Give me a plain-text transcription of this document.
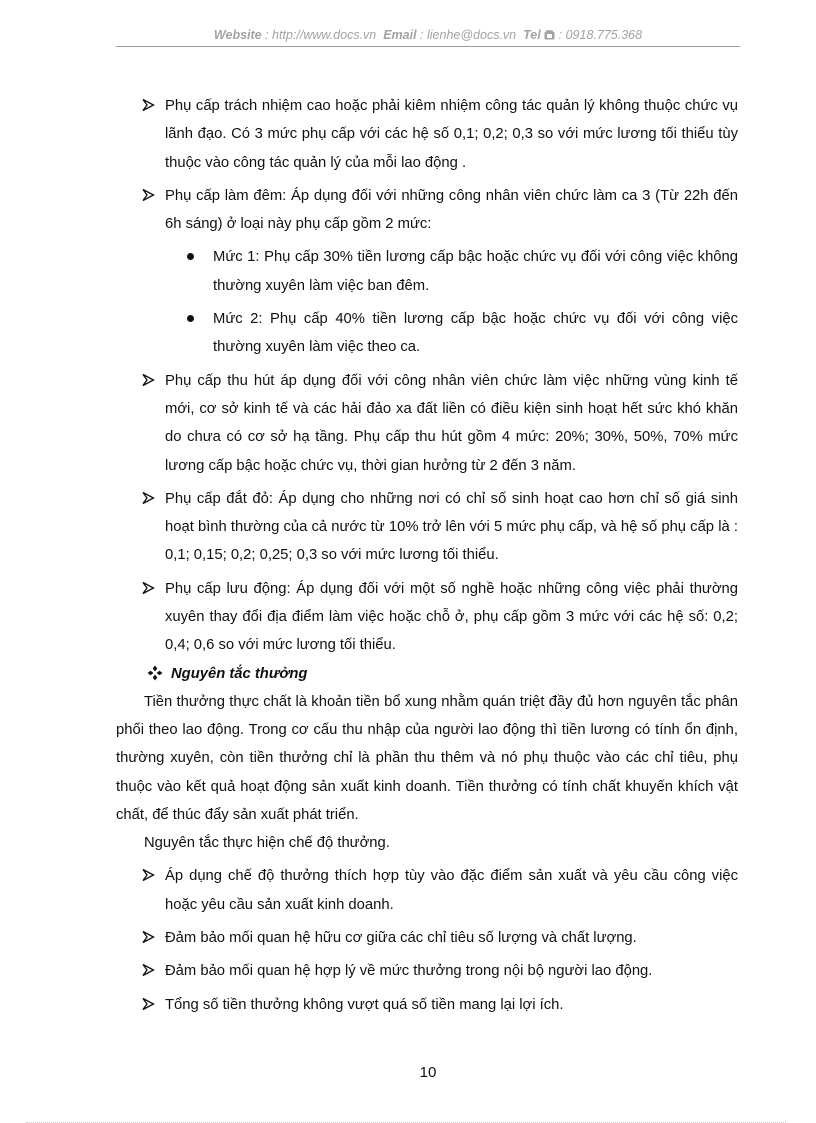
Website : http://www.docs.vn Email : lienhe@docs.vn Tel  : 0918.775.368
Phụ cấp trách nhiệm cao hoặc phải kiêm nhiệm công tác quản lý không thuộc chức vụ lãnh đạo. Có 3 mức phụ cấp với các hệ số 0,1; 0,2; 0,3 so với mức lương tối thiểu tùy thuộc vào công tác quản lý của mỗi lao động .
Phụ cấp làm đêm: Áp dụng đối với những công nhân viên chức làm ca 3 (Từ 22h đến 6h sáng) ở loại này phụ cấp gồm 2 mức:
Mức 1: Phụ cấp 30% tiền lương cấp bậc hoặc chức vụ đối với công việc không thường xuyên làm việc ban đêm.
Mức 2: Phụ cấp 40% tiền lương cấp bậc hoặc chức vụ đối với công việc thường xuyên làm việc theo ca.
Phụ cấp thu hút áp dụng đối với công nhân viên chức làm việc những vùng kinh tế mới, cơ sở kinh tế và các hải đảo xa đất liền có điều kiện sinh hoạt hết sức khó khăn do chưa có cơ sở hạ tầng. Phụ cấp thu hút gồm 4 mức: 20%; 30%, 50%, 70% mức lương cấp bậc hoặc chức vụ, thời gian hưởng từ 2 đến 3 năm.
Phụ cấp đắt đỏ: Áp dụng cho những nơi có chỉ số sinh hoạt cao hơn chỉ số giá sinh hoạt bình thường của cả nước từ 10% trở lên với 5 mức phụ cấp, và hệ số phụ cấp là : 0,1; 0,15; 0,2; 0,25; 0,3 so với mức lương tối thiểu.
Phụ cấp lưu động: Áp dụng đối với một số nghề hoặc những công việc phải thường xuyên thay đổi địa điểm làm việc hoặc chỗ ở, phụ cấp gồm 3 mức với các hệ số: 0,2; 0,4; 0,6 so với mức lương tối thiểu.
Nguyên tắc thưởng
Tiền thưởng thực chất là khoản tiền bổ xung nhằm quán triệt đầy đủ hơn nguyên tắc phân phối theo lao động. Trong cơ cấu thu nhập của người lao động thì tiền lương có tính ổn định, thường xuyên, còn tiền thưởng chỉ là phần thu thêm và nó phụ thuộc vào các chỉ tiêu, phụ thuộc vào kết quả hoạt động sản xuất kinh doanh. Tiền thưởng có tính chất khuyến khích vật chất, để thúc đẩy sản xuất phát triển.
Nguyên tắc thực hiện chế độ thưởng.
Áp dụng chế độ thưởng thích hợp tùy vào đặc điểm sản xuất và yêu cầu công việc hoặc yêu cầu sản xuất kinh doanh.
Đảm bảo mối quan hệ hữu cơ giữa các chỉ tiêu số lượng và chất lượng.
Đảm bảo mối quan hệ hợp lý về mức thưởng trong nội bộ người lao động.
Tổng số tiền thưởng không vượt quá số tiền mang lại lợi ích.
10
